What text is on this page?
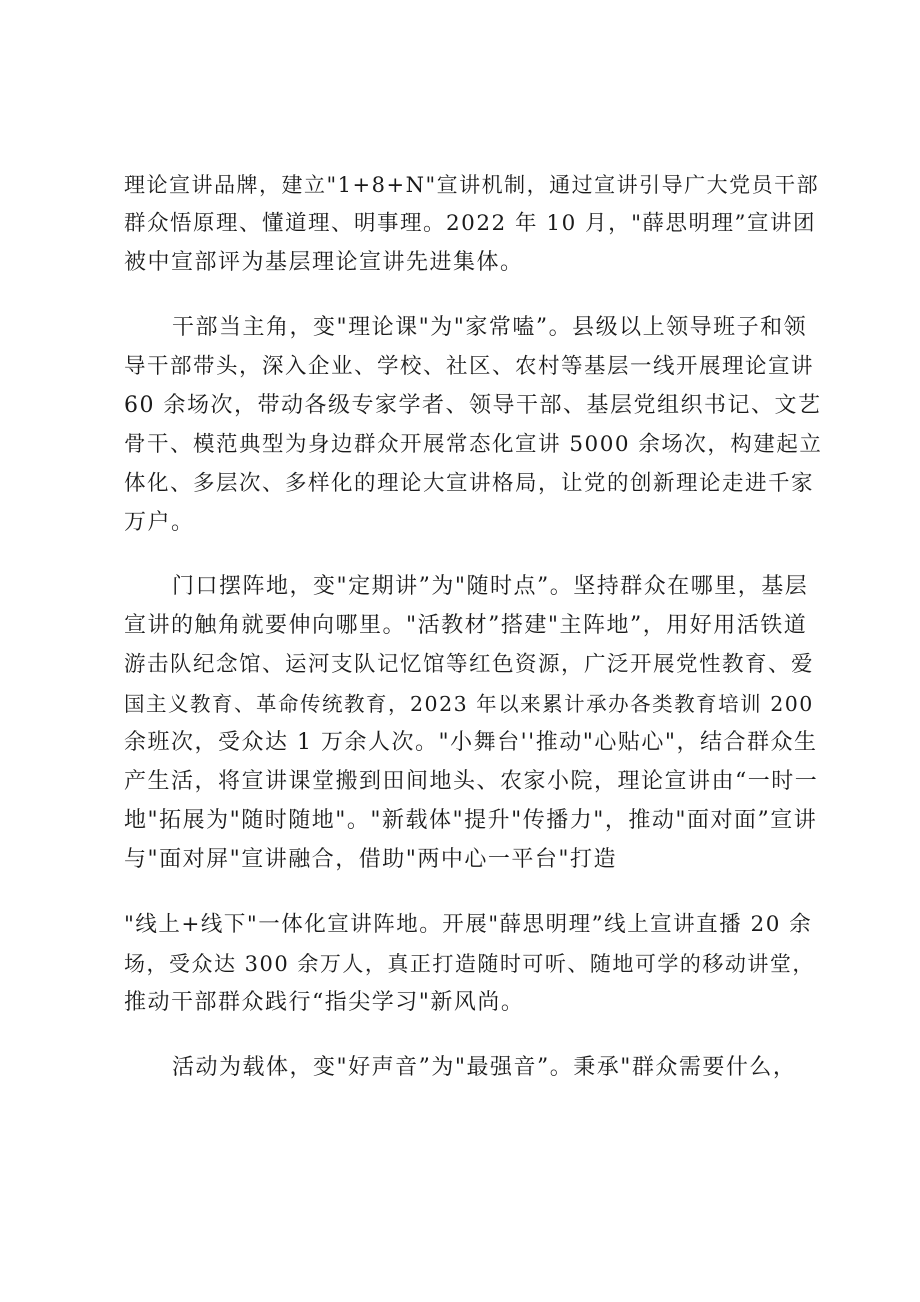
理论宣讲品牌，建立"1+8+N"宣讲机制，通过宣讲引导广大党员干部
群众悟原理、懂道理、明事理。2022 年 10 月，"薛思明理”宣讲团
被中宣部评为基层理论宣讲先进集体。
干部当主角，变"理论课"为"家常嗑”。县级以上领导班子和领
导干部带头，深入企业、学校、社区、农村等基层一线开展理论宣讲
60 余场次，带动各级专家学者、领导干部、基层党组织书记、文艺
骨干、模范典型为身边群众开展常态化宣讲 5000 余场次，构建起立
体化、多层次、多样化的理论大宣讲格局，让党的创新理论走进千家
万户。
门口摆阵地，变"定期讲”为"随时点”。坚持群众在哪里，基层
宣讲的触角就要伸向哪里。"活教材”搭建"主阵地”，用好用活铁道
游击队纪念馆、运河支队记忆馆等红色资源，广泛开展党性教育、爱
国主义教育、革命传统教育，2023 年以来累计承办各类教育培训 200
余班次，受众达 1 万余人次。"小舞台''推动"心贴心"，结合群众生
产生活，将宣讲课堂搬到田间地头、农家小院，理论宣讲由“一时一
地"拓展为"随时随地"。"新载体"提升"传播力"，推动"面对面”宣讲
与"面对屏"宣讲融合，借助"两中心一平台"打造
"线上+线下"一体化宣讲阵地。开展"薛思明理”线上宣讲直播 20 余
场，受众达 300 余万人，真正打造随时可听、随地可学的移动讲堂，
推动干部群众践行“指尖学习"新风尚。
活动为载体，变"好声音”为"最强音”。秉承"群众需要什么，
